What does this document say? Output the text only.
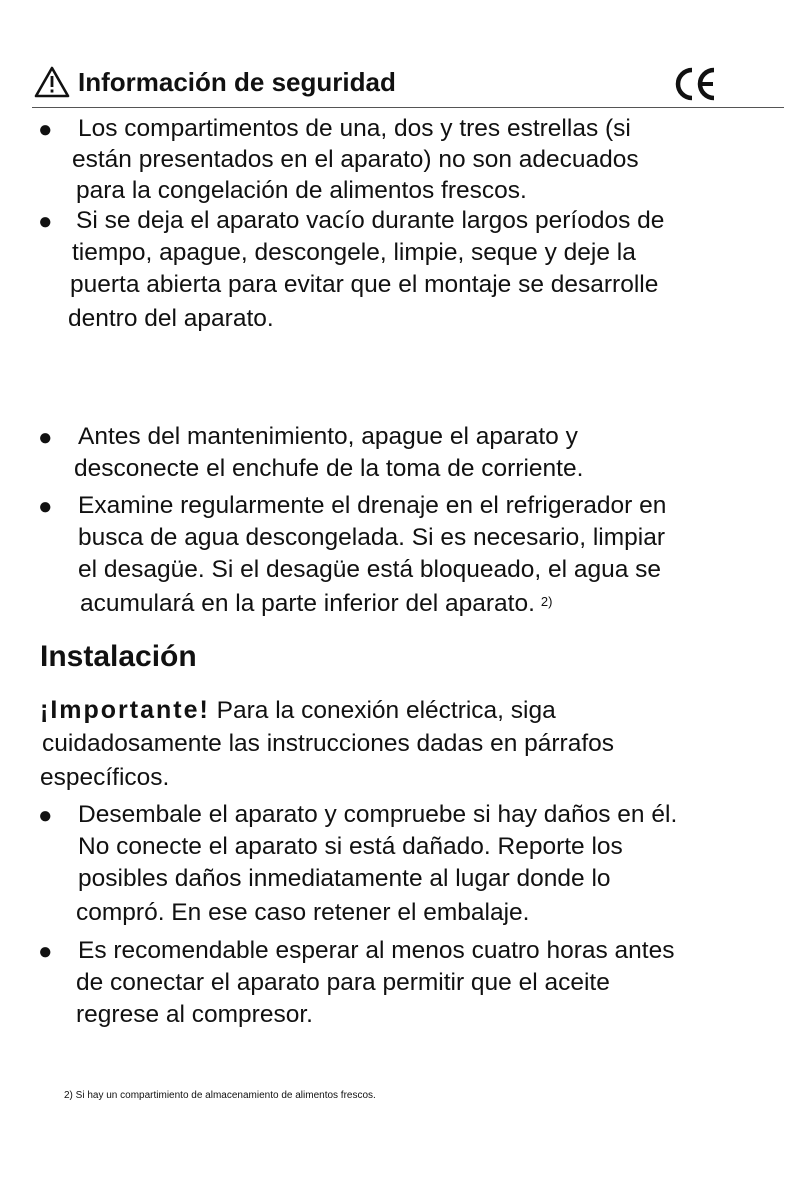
Información de seguridad
● Los compartimentos de una, dos y tres estrellas (si
están presentados en el aparato) no son adecuados
para la congelación de alimentos frescos.
● Si se deja el aparato vacío durante largos períodos de
tiempo, apague, descongele, limpie, seque y deje la
puerta abierta para evitar que el montaje se desarrolle
dentro del aparato.
● Antes del mantenimiento, apague el aparato y
desconecte el enchufe de la toma de corriente.
● Examine regularmente el drenaje en el refrigerador en
busca de agua descongelada. Si es necesario, limpiar
el desagüe. Si el desagüe está bloqueado, el agua se
acumulará en la parte inferior del aparato. $^{2)}$
Instalación
¡Importante! Para la conexión eléctrica, siga
cuidadosamente las instrucciones dadas en párrafos
específicos.
● Desembale el aparato y compruebe si hay daños en él.
No conecte el aparato si está dañado. Reporte los
posibles daños inmediatamente al lugar donde lo
compró. En ese caso retener el embalaje.
● Es recomendable esperar al menos cuatro horas antes
de conectar el aparato para permitir que el aceite
regrese al compresor.
2) Si hay un compartimiento de almacenamiento de alimentos frescos.
